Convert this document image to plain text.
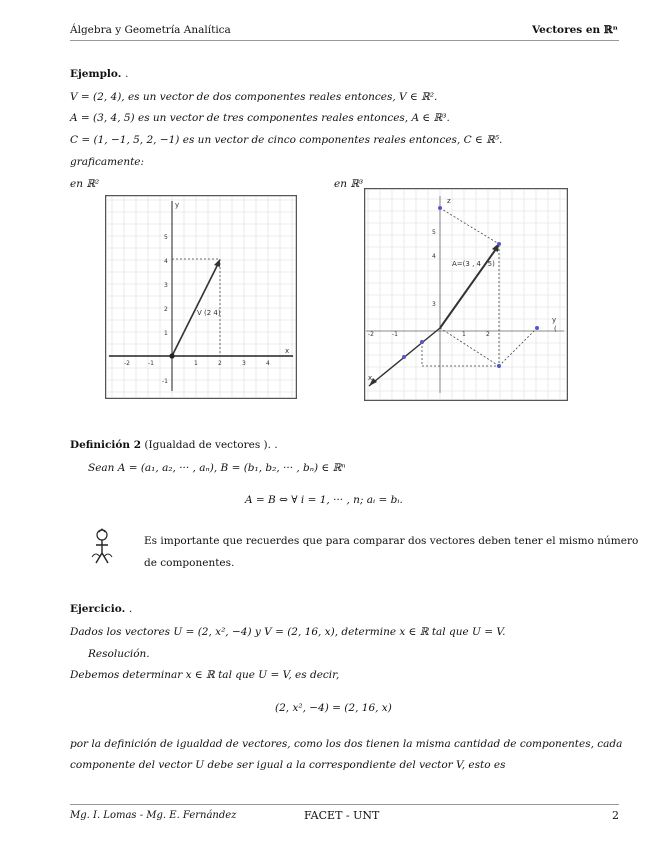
Álgebra y Geometría Analítica	Vectores en ℝⁿ
Ejemplo. .
V = (2, 4), es un vector de dos componentes reales entonces, V ∈ ℝ².
A = (3, 4, 5) es un vector de tres componentes reales entonces, A ∈ ℝ³.
C = (1, −1, 5, 2, −1) es un vector de cinco componentes reales entonces, C ∈ ℝ⁵.
graficamente:
en ℝ²	en ℝ³
V (2 4)
x
y
-2	-1	1	2	3	4
-1
1
2
3
4
5
A=(3 , 4 , 5)
x
y
z
(
-2	-1	1	2
3
4
5
Definición 2 (Igualdad de vectores ). .
Sean A = (a₁, a₂, ··· , aₙ), B = (b₁, b₂, ··· , bₙ) ∈ ℝⁿ
A = B ⇔ ∀ i = 1, ··· , n; aᵢ = bᵢ.
Es importante que recuerdes que para comparar dos vectores deben tener el mismo número
de componentes.
Ejercicio. .
Dados los vectores U = (2, x², −4) y V = (2, 16, x), determine x ∈ ℝ tal que U = V.
Resolución.
Debemos determinar x ∈ ℝ tal que U = V, es decir,
(2, x², −4) = (2, 16, x)
por la definición de igualdad de vectores, como los dos tienen la misma cantidad de componentes, cada
componente del vector U debe ser igual a la correspondiente del vector V, esto es
Mg. I. Lomas - Mg. E. Fernández	FACET - UNT	2
